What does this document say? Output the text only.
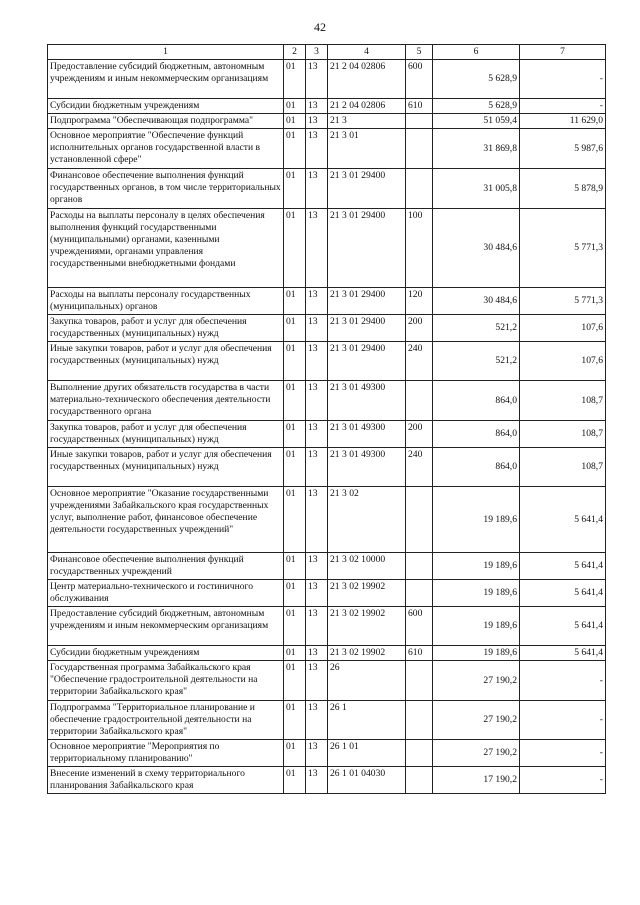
42
1	2	3	4	5	6	7
Предоставление субсидий бюджетным, автономным учреждениям и иным некоммерческим организациям	01	13	21 2 04 02806	600	5 628,9	-
Субсидии бюджетным учреждениям	01	13	21 2 04 02806	610	5 628,9	-
Подпрограмма "Обеспечивающая подпрограмма"	01	13	21 3		51 059,4	11 629,0
Основное мероприятие "Обеспечение функций исполнительных органов государственной власти в установленной сфере"	01	13	21 3 01		31 869,8	5 987,6
Финансовое обеспечение выполнения функций государственных органов, в том числе территориальных органов	01	13	21 3 01 29400		31 005,8	5 878,9
Расходы на выплаты персоналу в целях обеспечения выполнения функций государственными (муниципальными) органами, казенными учреждениями, органами управления государственными внебюджетными фондами	01	13	21 3 01 29400	100	30 484,6	5 771,3
Расходы на выплаты персоналу государственных (муниципальных) органов	01	13	21 3 01 29400	120	30 484,6	5 771,3
Закупка товаров, работ и услуг для обеспечения государственных (муниципальных) нужд	01	13	21 3 01 29400	200	521,2	107,6
Иные закупки товаров, работ и услуг для обеспечения государственных (муниципальных) нужд	01	13	21 3 01 29400	240	521,2	107,6
Выполнение других обязательств государства в части материально-технического обеспечения деятельности государственного органа	01	13	21 3 01 49300		864,0	108,7
Закупка товаров, работ и услуг для обеспечения государственных (муниципальных) нужд	01	13	21 3 01 49300	200	864,0	108,7
Иные закупки товаров, работ и услуг для обеспечения государственных (муниципальных) нужд	01	13	21 3 01 49300	240	864,0	108,7
Основное мероприятие "Оказание государственными учреждениями Забайкальского края государственных услуг, выполнение работ, финансовое обеспечение деятельности государственных учреждений"	01	13	21 3 02		19 189,6	5 641,4
Финансовое обеспечение выполнения функций государственных учреждений	01	13	21 3 02 10000		19 189,6	5 641,4
Центр материально-технического и гостиничного обслуживания	01	13	21 3 02 19902		19 189,6	5 641,4
Предоставление субсидий бюджетным, автономным учреждениям и иным некоммерческим организациям	01	13	21 3 02 19902	600	19 189,6	5 641,4
Субсидии бюджетным учреждениям	01	13	21 3 02 19902	610	19 189,6	5 641,4
Государственная программа Забайкальского края "Обеспечение градостроительной деятельности на территории Забайкальского края"	01	13	26		27 190,2	-
Подпрограмма "Территориальное планирование и обеспечение градостроительной деятельности на территории Забайкальского края"	01	13	26 1		27 190,2	-
Основное мероприятие "Мероприятия по территориальному планированию"	01	13	26 1 01		27 190,2	-
Внесение изменений в схему территориального планирования Забайкальского края	01	13	26 1 01 04030		17 190,2	-
